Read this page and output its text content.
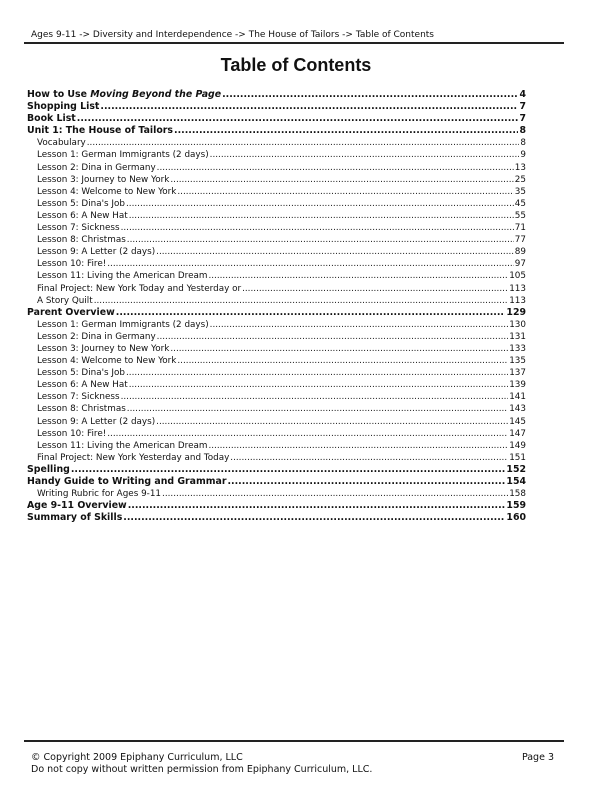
Ages 9-11 -> Diversity and Interdependence -> The House of Tailors -> Table of Contents
Table of Contents
How to Use Moving Beyond the Page .....	4
Shopping List .....	7
Book List .....	7
Unit 1: The House of Tailors .....	8
Vocabulary .....	8
Lesson 1: German Immigrants (2 days) .....	9
Lesson 2: Dina in Germany .....	13
Lesson 3: Journey to New York .....	25
Lesson 4: Welcome to New York .....	35
Lesson 5: Dina's Job .....	45
Lesson 6: A New Hat .....	55
Lesson 7: Sickness .....	71
Lesson 8: Christmas .....	77
Lesson 9: A Letter (2 days) .....	89
Lesson 10: Fire! .....	97
Lesson 11: Living the American Dream .....	105
Final Project: New York Today and Yesterday or .....	113
A Story Quilt .....	113
Parent Overview .....	129
Lesson 1: German Immigrants (2 days) .....	130
Lesson 2: Dina in Germany .....	131
Lesson 3: Journey to New York .....	133
Lesson 4: Welcome to New York .....	135
Lesson 5: Dina's Job .....	137
Lesson 6: A New Hat .....	139
Lesson 7: Sickness .....	141
Lesson 8: Christmas .....	143
Lesson 9: A Letter (2 days) .....	145
Lesson 10: Fire! .....	147
Lesson 11: Living the American Dream .....	149
Final Project: New York Yesterday and Today .....	151
Spelling .....	152
Handy Guide to Writing and Grammar .....	154
Writing Rubric for Ages 9-11 .....	158
Age 9-11 Overview .....	159
Summary of Skills .....	160
© Copyright 2009 Epiphany Curriculum, LLC
Do not copy without written permission from Epiphany Curriculum, LLC.
Page 3
